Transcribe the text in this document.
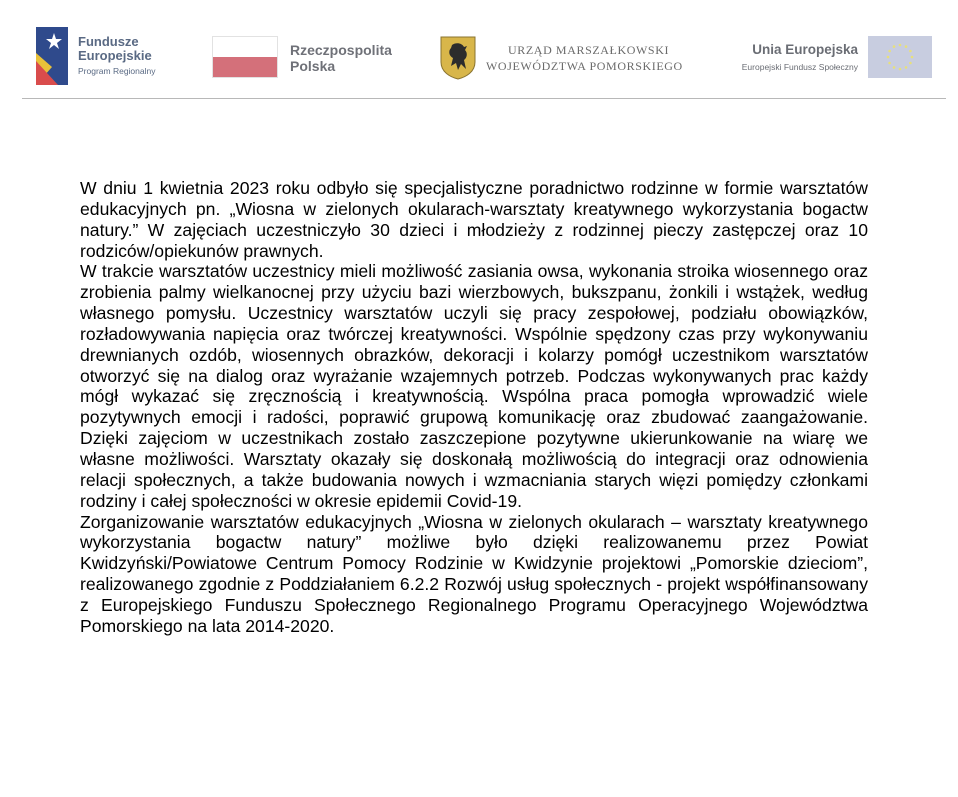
Fundusze
Europejskie
Program Regionalny
Rzeczpospolita
Polska
URZĄD MARSZAŁKOWSKI
WOJEWÓDZTWA POMORSKIEGO
Unia Europejska
Europejski Fundusz Społeczny

W dniu 1 kwietnia 2023 roku odbyło się specjalistyczne poradnictwo rodzinne w formie warsztatów edukacyjnych pn. „Wiosna w zielonych okularach-warsztaty kreatywnego wykorzystania bogactw natury.” W zajęciach uczestniczyło 30 dzieci i młodzieży z rodzinnej pieczy zastępczej oraz 10 rodziców/opiekunów prawnych.

W trakcie warsztatów uczestnicy mieli możliwość zasiania owsa, wykonania stroika wiosennego oraz zrobienia palmy wielkanocnej przy użyciu bazi wierzbowych, bukszpanu, żonkili i wstążek, według własnego pomysłu. Uczestnicy warsztatów uczyli się pracy zespołowej, podziału obowiązków, rozładowywania napięcia oraz twórczej kreatywności. Wspólnie spędzony czas przy wykonywaniu drewnianych ozdób, wiosennych obrazków, dekoracji i kolarzy pomógł uczestnikom warsztatów otworzyć się na dialog oraz wyrażanie wzajemnych potrzeb. Podczas wykonywanych prac każdy mógł wykazać się zręcznością i kreatywnością. Wspólna praca pomogła wprowadzić wiele pozytywnych emocji i radości, poprawić grupową komunikację oraz zbudować zaangażowanie. Dzięki zajęciom w uczestnikach zostało zaszczepione pozytywne ukierunkowanie na wiarę we własne możliwości. Warsztaty okazały się doskonałą możliwością do integracji oraz odnowienia relacji społecznych, a także budowania nowych i wzmacniania starych więzi pomiędzy członkami rodziny i całej społeczności w okresie epidemii Covid-19.

Zorganizowanie warsztatów edukacyjnych „Wiosna w zielonych okularach – warsztaty kreatywnego wykorzystania bogactw natury” możliwe było dzięki realizowanemu przez Powiat Kwidzyński/Powiatowe Centrum Pomocy Rodzinie w Kwidzynie projektowi „Pomorskie dzieciom”, realizowanego zgodnie z Poddziałaniem 6.2.2 Rozwój usług społecznych - projekt współfinansowany z Europejskiego Funduszu Społecznego Regionalnego Programu Operacyjnego Województwa Pomorskiego na lata 2014-2020.
